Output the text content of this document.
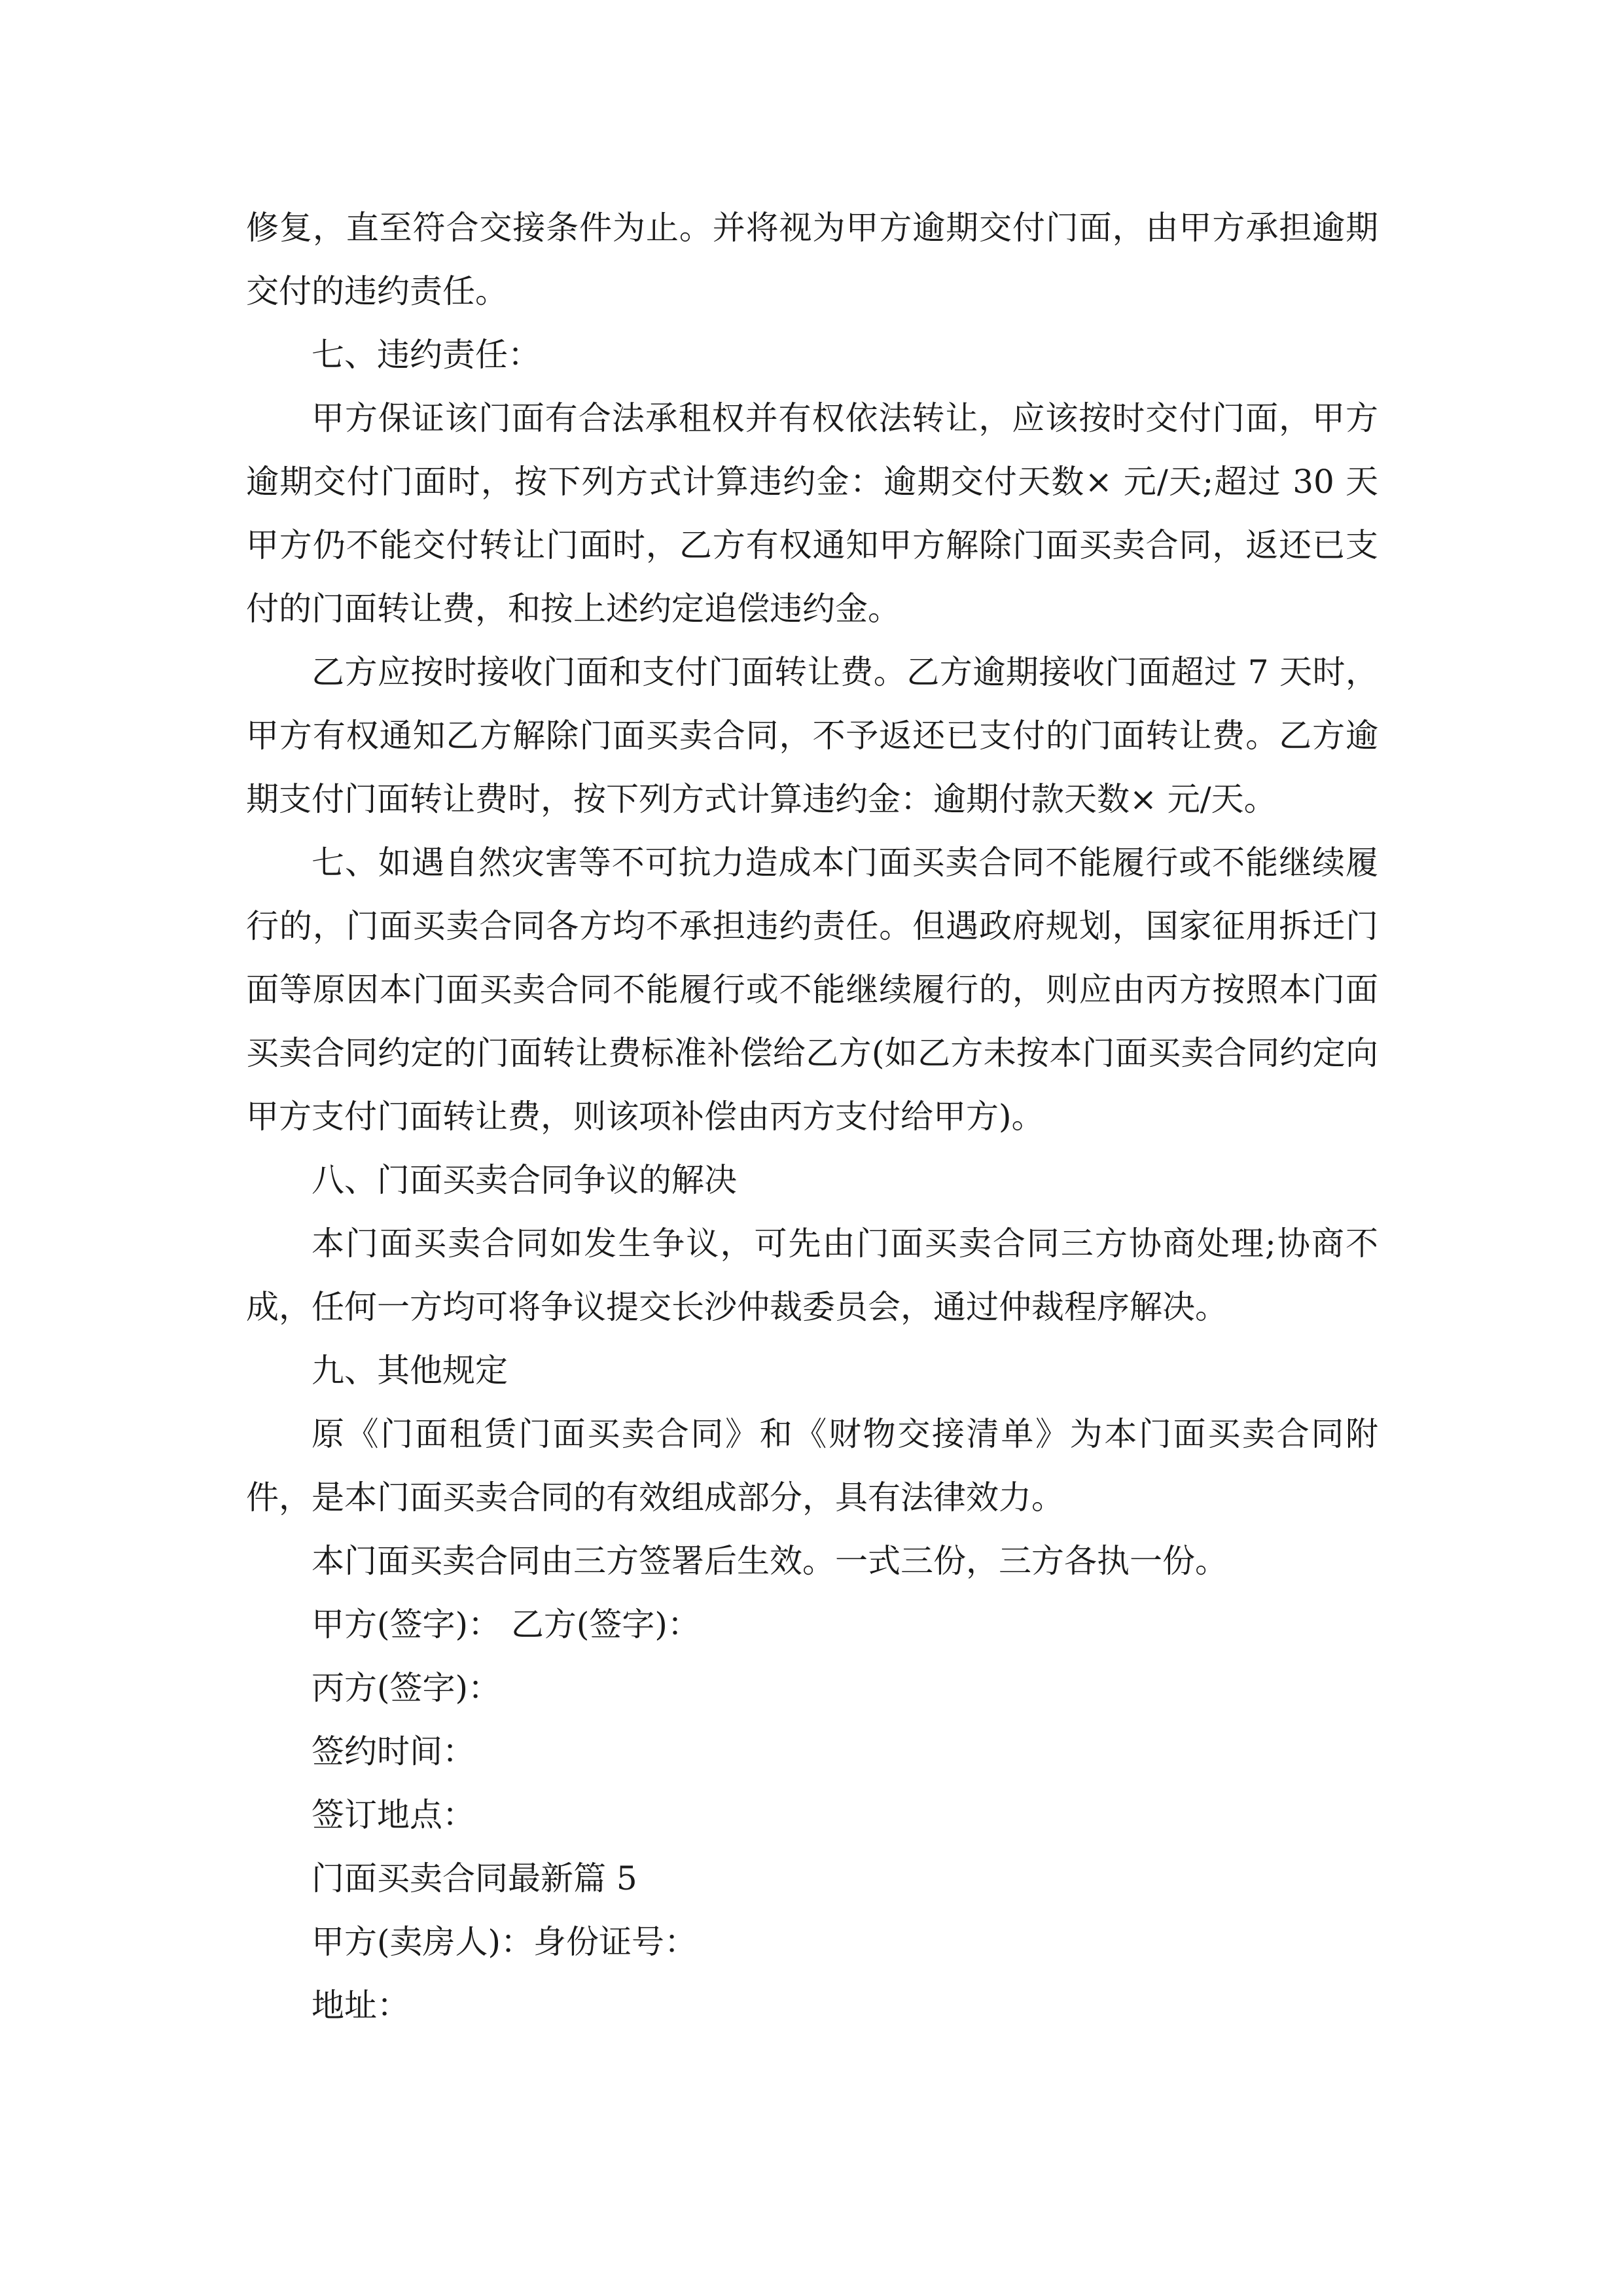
修复，直至符合交接条件为止。并将视为甲方逾期交付门面，由甲方承担逾期交付的违约责任。

七、违约责任：

甲方保证该门面有合法承租权并有权依法转让，应该按时交付门面，甲方逾期交付门面时，按下列方式计算违约金：逾期交付天数× 元/天;超过 30 天甲方仍不能交付转让门面时，乙方有权通知甲方解除门面买卖合同，返还已支付的门面转让费，和按上述约定追偿违约金。

乙方应按时接收门面和支付门面转让费。乙方逾期接收门面超过 7 天时，甲方有权通知乙方解除门面买卖合同，不予返还已支付的门面转让费。乙方逾期支付门面转让费时，按下列方式计算违约金：逾期付款天数× 元/天。

七、如遇自然灾害等不可抗力造成本门面买卖合同不能履行或不能继续履行的，门面买卖合同各方均不承担违约责任。但遇政府规划，国家征用拆迁门面等原因本门面买卖合同不能履行或不能继续履行的，则应由丙方按照本门面买卖合同约定的门面转让费标准补偿给乙方(如乙方未按本门面买卖合同约定向甲方支付门面转让费，则该项补偿由丙方支付给甲方)。

八、门面买卖合同争议的解决

本门面买卖合同如发生争议，可先由门面买卖合同三方协商处理;协商不成，任何一方均可将争议提交长沙仲裁委员会，通过仲裁程序解决。

九、其他规定

原《门面租赁门面买卖合同》和《财物交接清单》为本门面买卖合同附件，是本门面买卖合同的有效组成部分，具有法律效力。

本门面买卖合同由三方签署后生效。一式三份，三方各执一份。

甲方(签字)： 乙方(签字)：

丙方(签字)：

签约时间：

签订地点：

门面买卖合同最新篇 5

甲方(卖房人)：身份证号：

地址：
